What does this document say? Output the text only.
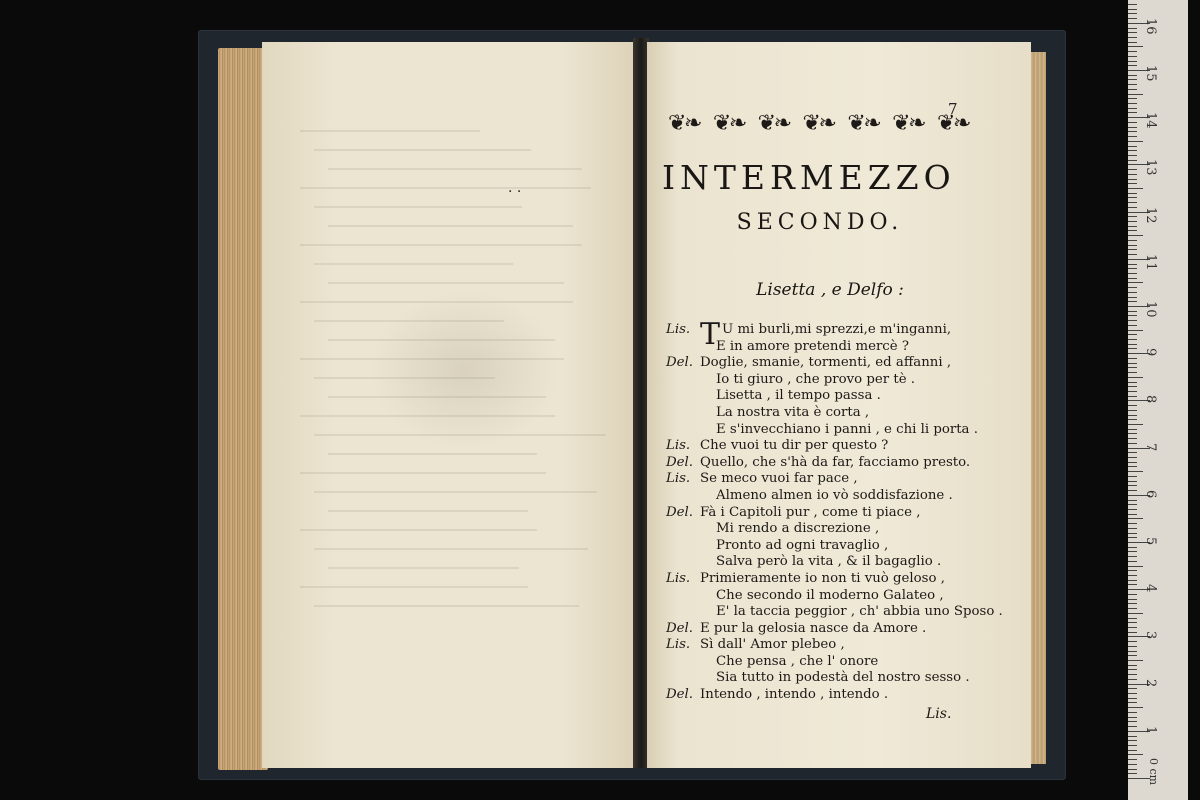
. .
7
❦ ❧
❦ ❧
❦ ❧
❦ ❧
❦ ❧
❦ ❧
❦ ❧
INTERMEZZO
SECONDO.
Lisetta , e Delfo :
Lis. T U mi burli,mi sprezzi,e m'inganni,
E in amore pretendi mercè ?
Del. Doglie, smanie, tormenti, ed affanni ,
Io ti giuro , che provo per tè .
Lisetta , il tempo passa .
La nostra vita è corta ,
E s'invecchiano i panni , e chi li porta .
Lis. Che vuoi tu dir per questo ?
Del. Quello, che s'hà da far, facciamo presto.
Lis. Se meco vuoi far pace ,
Almeno almen io vò soddisfazione .
Del. Fà i Capitoli pur , come ti piace ,
Mi rendo a discrezione ,
Pronto ad ogni travaglio ,
Salva però la vita , & il bagaglio .
Lis. Primieramente io non ti vuò geloso ,
Che secondo il moderno Galateo ,
E' la taccia peggior , ch' abbia uno Sposo .
Del. E pur la gelosia nasce da Amore .
Lis. Sì dall' Amor plebeo ,
Che pensa , che l' onore
Sia tutto in podestà del nostro sesso .
Del. Intendo , intendo , intendo .
Lis.
0 cm
1
2
3
4
5
6
7
8
9
10
11
12
13
14
15
16
